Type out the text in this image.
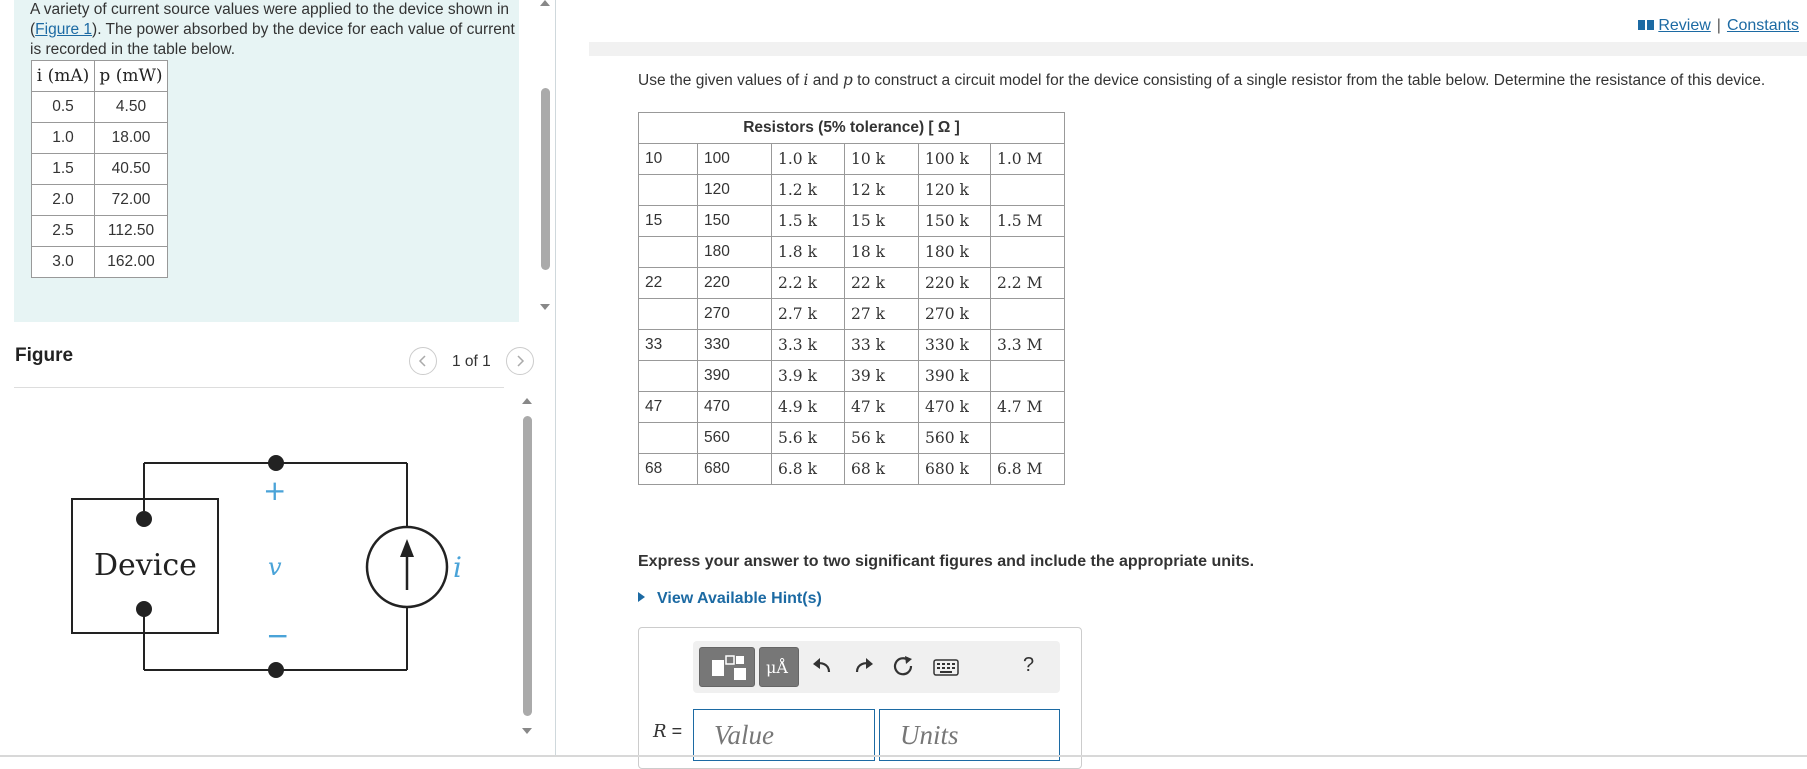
A variety of current source values were applied to the device shown in (Figure 1). The power absorbed by the device for each value of current is recorded in the table below.
i (mA)	p (mW)
0.5	4.50
1.0	18.00
1.5	40.50
2.0	72.00
2.5	112.50
3.0	162.00
Figure	1 of 1
Device
+
v
−
i
Review | Constants
Use the given values of i and p to construct a circuit model for the device consisting of a single resistor from the table below. Determine the resistance of this device.
Resistors (5% tolerance) [ Ω ]					
10	100	1.0 k	10 k	100 k	1.0 M
	120	1.2 k	12 k	120 k	
15	150	1.5 k	15 k	150 k	1.5 M
	180	1.8 k	18 k	180 k	
22	220	2.2 k	22 k	220 k	2.2 M
	270	2.7 k	27 k	270 k	
33	330	3.3 k	33 k	330 k	3.3 M
	390	3.9 k	39 k	390 k	
47	470	4.9 k	47 k	470 k	4.7 M
	560	5.6 k	56 k	560 k	
68	680	6.8 k	68 k	680 k	6.8 M
Express your answer to two significant figures and include the appropriate units.
View Available Hint(s)
μÅ	?
R =
Value
Units
